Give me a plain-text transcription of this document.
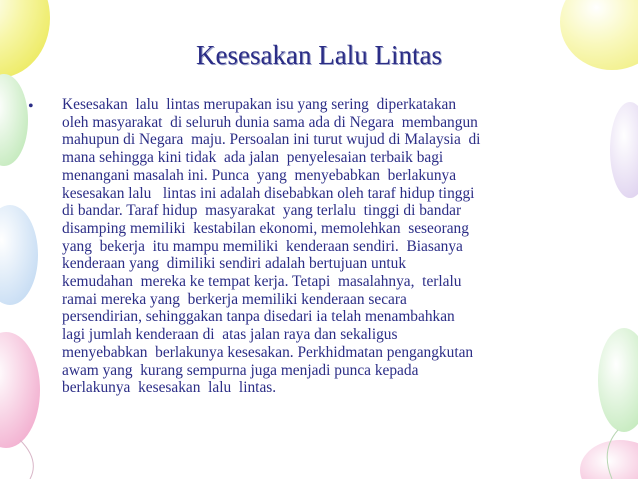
Kesesakan Lalu Lintas
• Kesesakan  lalu  lintas merupakan isu yang sering  diperkatakan
oleh masyarakat  di seluruh dunia sama ada di Negara  membangun
mahupun di Negara  maju. Persoalan ini turut wujud di Malaysia  di
mana sehingga kini tidak  ada jalan  penyelesaian terbaik bagi
menangani masalah ini. Punca  yang  menyebabkan  berlakunya
kesesakan lalu   lintas ini adalah disebabkan oleh taraf hidup tinggi
di bandar. Taraf hidup  masyarakat  yang terlalu  tinggi di bandar
disamping memiliki  kestabilan ekonomi, memolehkan  seseorang
yang  bekerja  itu mampu memiliki  kenderaan sendiri.  Biasanya
kenderaan yang  dimiliki sendiri adalah bertujuan untuk
kemudahan  mereka ke tempat kerja. Tetapi  masalahnya,  terlalu
ramai mereka yang  berkerja memiliki kenderaan secara
persendirian, sehinggakan tanpa disedari ia telah menambahkan
lagi jumlah kenderaan di  atas jalan raya dan sekaligus
menyebabkan  berlakunya kesesakan. Perkhidmatan pengangkutan
awam yang  kurang sempurna juga menjadi punca kepada
berlakunya  kesesakan  lalu  lintas.
